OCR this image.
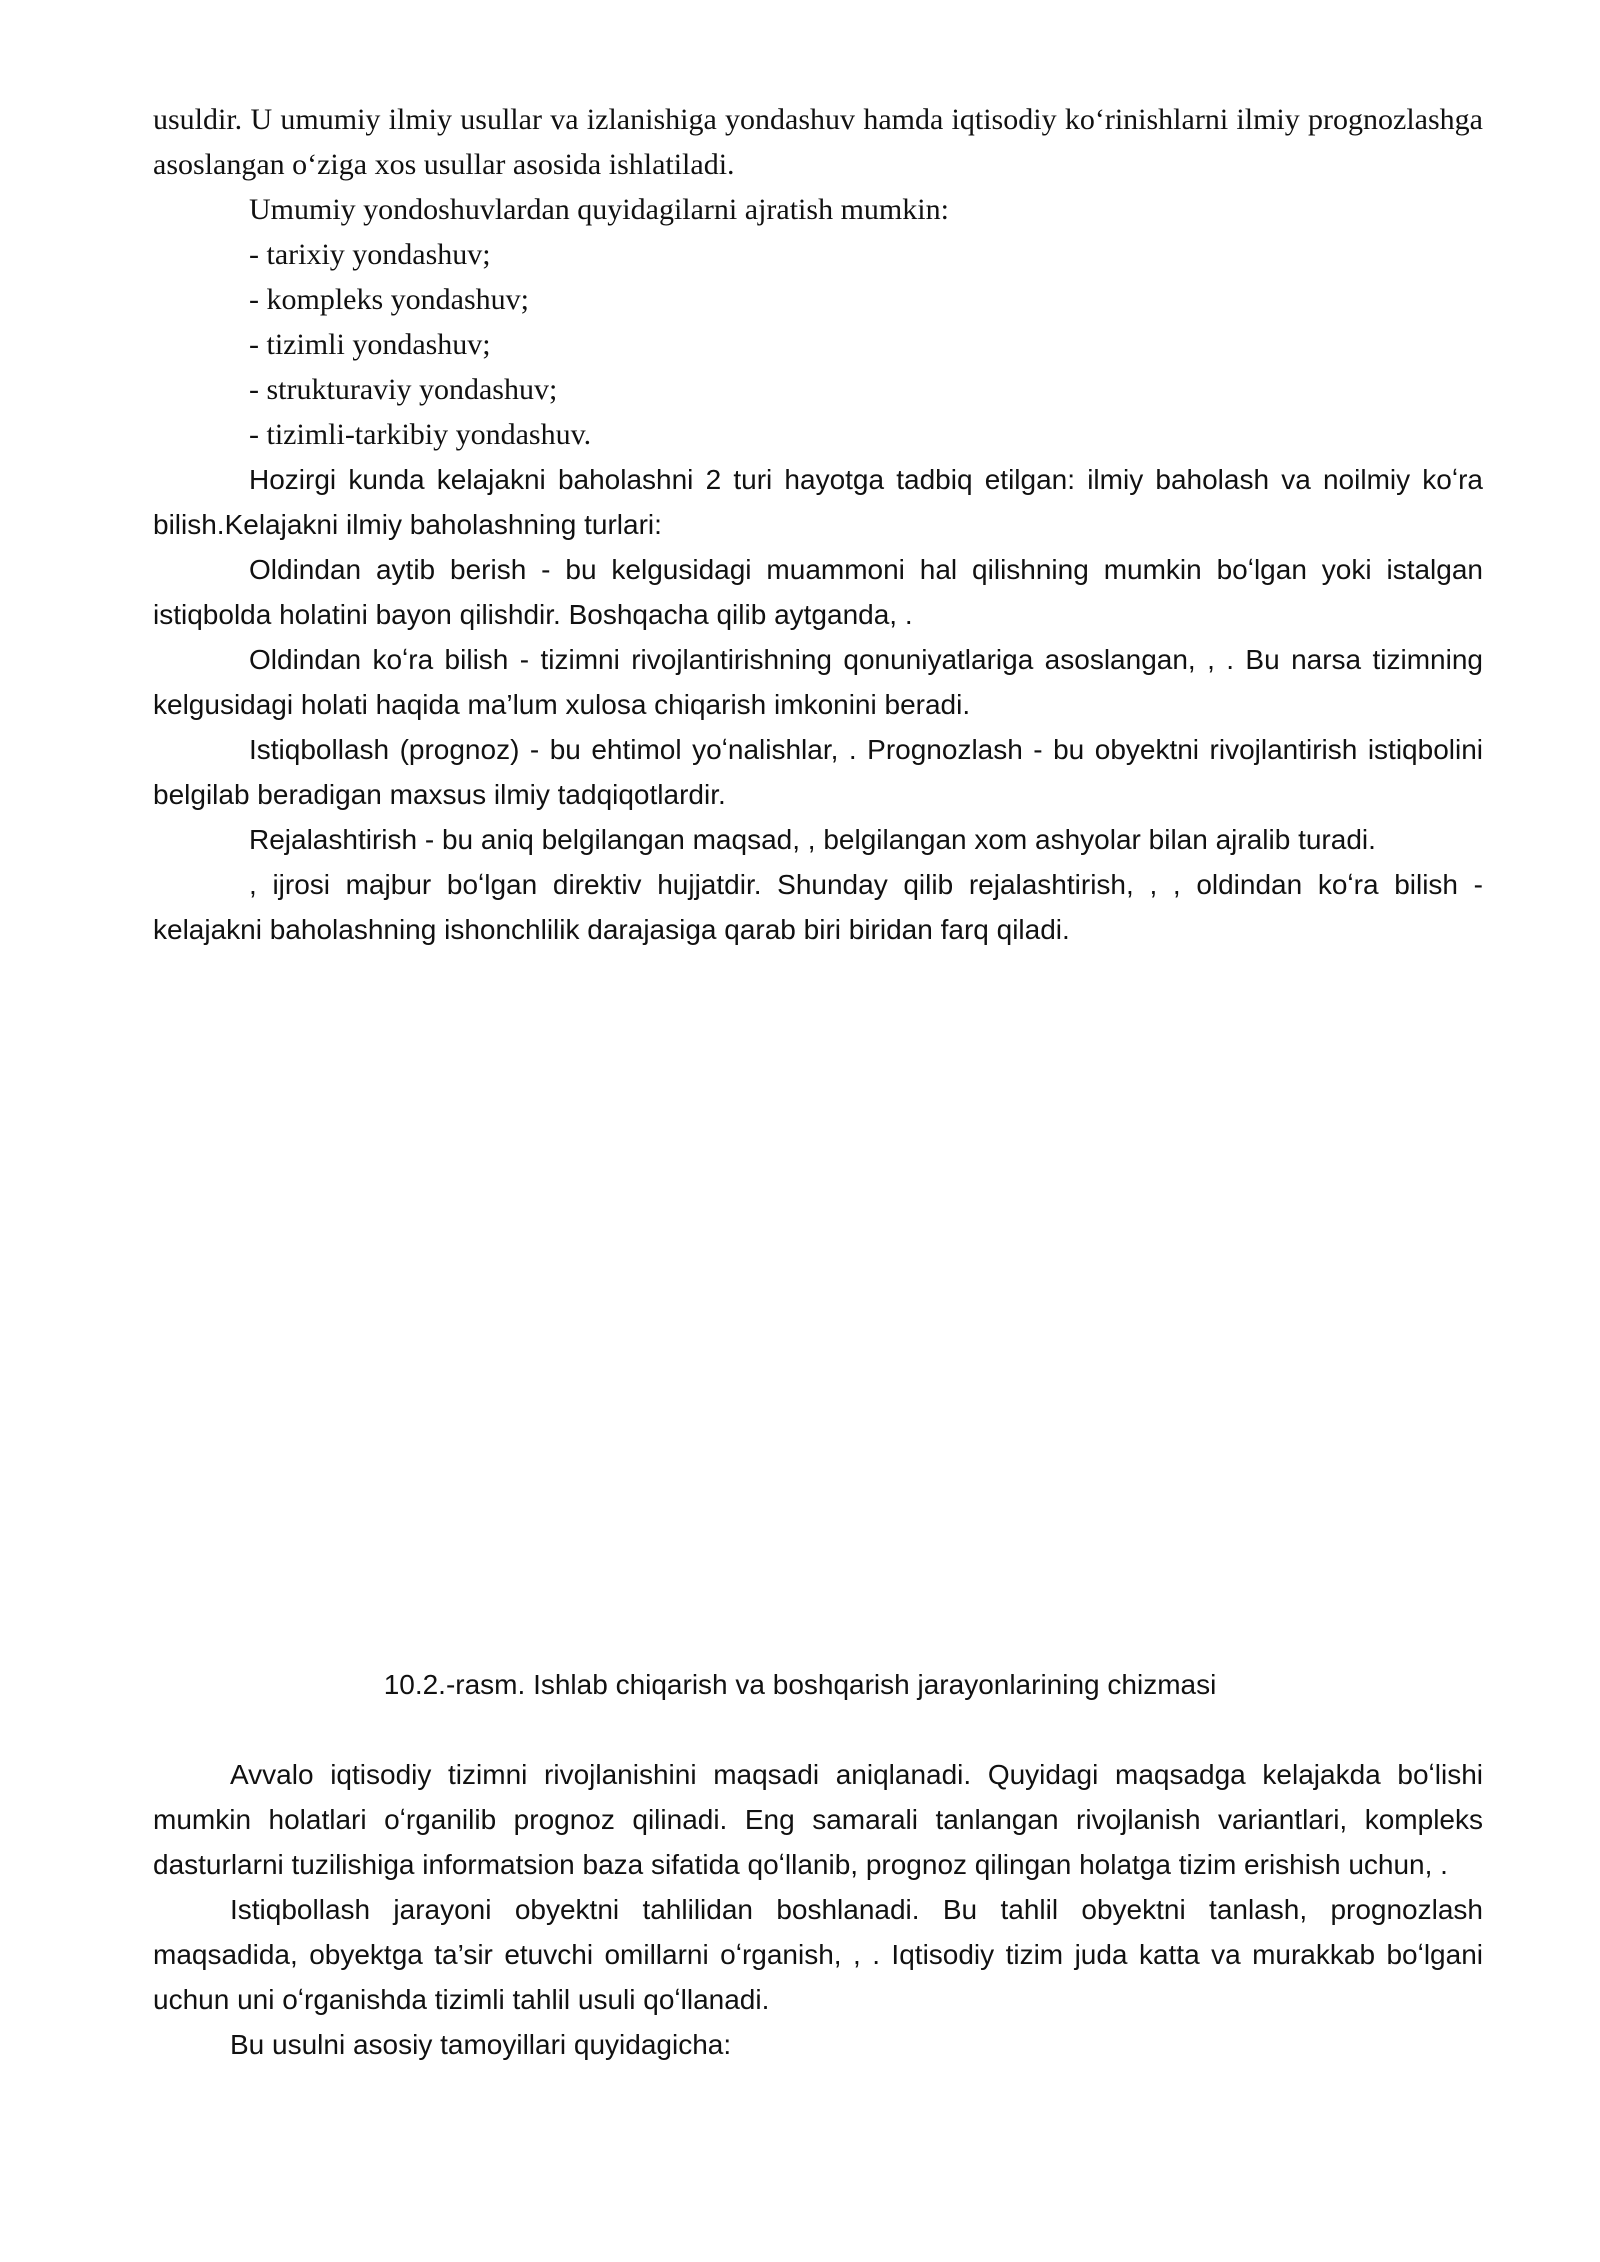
usuldir. U umumiy ilmiy usullar va izlanishiga yondashuv hamda iqtisodiy koʻrinishlarni ilmiy prognozlashga asoslangan oʻziga xos usullar asosida ishlatiladi.

Umumiy yondoshuvlardan quyidagilarni ajratish mumkin:

- tarixiy yondashuv;

- kompleks yondashuv;

- tizimli yondashuv;

- strukturaviy yondashuv;

- tizimli-tarkibiy yondashuv.

Hozirgi kunda kelajakni baholashni 2 turi hayotga tadbiq etilgan: ilmiy baholash va noilmiy koʻra bilish.Kelajakni ilmiy baholashning turlari:

Oldindan aytib berish - bu kelgusidagi muammoni hal qilishning mumkin boʻlgan yoki istalgan istiqbolda holatini bayon qilishdir. Boshqacha qilib aytganda, .

Oldindan koʻra bilish - tizimni rivojlantirishning qonuniyatlariga asoslangan, , . Bu narsa tizimning kelgusidagi holati haqida ma’lum xulosa chiqarish imkonini beradi.

Istiqbollash (prognoz) - bu ehtimol yoʻnalishlar, . Prognozlash - bu obyektni rivojlantirish istiqbolini belgilab beradigan maxsus ilmiy tadqiqotlardir.

Rejalashtirish - bu aniq belgilangan maqsad, , belgilangan xom ashyolar bilan ajralib turadi.

, ijrosi majbur boʻlgan direktiv hujjatdir. Shunday qilib rejalashtirish, , , oldindan koʻra bilish - kelajakni baholashning ishonchlilik darajasiga qarab biri biridan farq qiladi.

10.2.-rasm. Ishlab chiqarish va boshqarish jarayonlarining chizmasi

Avvalo iqtisodiy tizimni rivojlanishini maqsadi aniqlanadi. Quyidagi maqsadga kelajakda boʻlishi mumkin holatlari oʻrganilib prognoz qilinadi. Eng samarali tanlangan rivojlanish variantlari, kompleks dasturlarni tuzilishiga informatsion baza sifatida qoʻllanib, prognoz qilingan holatga tizim erishish uchun, .

Istiqbollash jarayoni obyektni tahlilidan boshlanadi. Bu tahlil obyektni tanlash, prognozlash maqsadida, obyektga ta’sir etuvchi omillarni oʻrganish, , . Iqtisodiy tizim juda katta va murakkab boʻlgani uchun uni oʻrganishda tizimli tahlil usuli qoʻllanadi.

Bu usulni asosiy tamoyillari quyidagicha:
